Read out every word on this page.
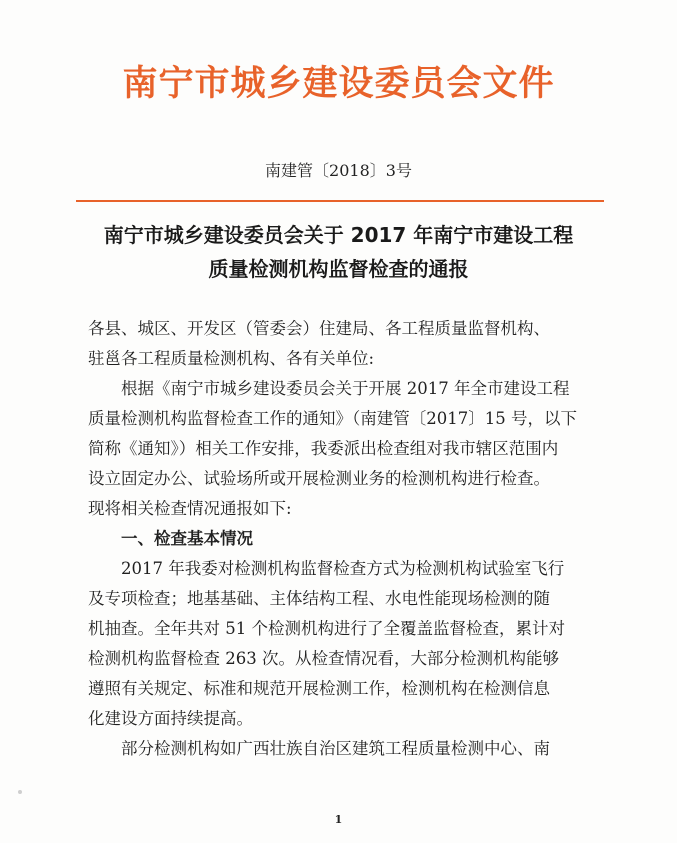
南宁市城乡建设委员会文件
南建管〔2018〕3号
南宁市城乡建设委员会关于 2017 年南宁市建设工程
质量检测机构监督检查的通报
各县、城区、开发区（管委会）住建局、各工程质量监督机构、
驻邕各工程质量检测机构、各有关单位:
根据《南宁市城乡建设委员会关于开展 2017 年全市建设工程
质量检测机构监督检查工作的通知》（南建管〔2017〕15 号，以下
简称《通知》）相关工作安排，我委派出检查组对我市辖区范围内
设立固定办公、试验场所或开展检测业务的检测机构进行检查。
现将相关检查情况通报如下:
一、检查基本情况
2017 年我委对检测机构监督检查方式为检测机构试验室飞行
及专项检查；地基基础、主体结构工程、水电性能现场检测的随
机抽查。全年共对 51 个检测机构进行了全覆盖监督检查，累计对
检测机构监督检查 263 次。从检查情况看，大部分检测机构能够
遵照有关规定、标准和规范开展检测工作，检测机构在检测信息
化建设方面持续提高。
部分检测机构如广西壮族自治区建筑工程质量检测中心、南
1
